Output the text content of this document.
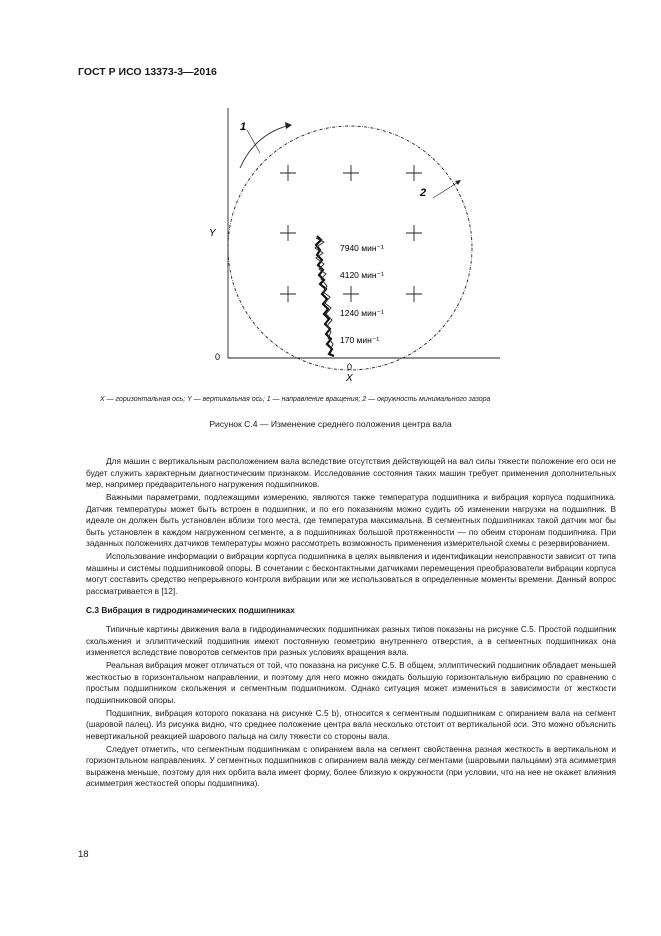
ГОСТ Р ИСО 13373-3—2016
1
2
7940 мин⁻¹
4120 мин⁻¹
1240 мин⁻¹
170 мин⁻¹
Y
0
0
X
X — горизонтальная ось; Y — вертикальная ось; 1 — направление вращения; 2 — окружность минимального зазора
Рисунок С.4 — Изменение среднего положения центра вала

Для машин с вертикальным расположением вала вследствие отсутствия действующей на вал силы тяжести положение его оси не будет служить характерным диагностическим признаком. Исследование состояния таких машин требует применения дополнительных мер, например предварительного нагружения подшипников.

Важными параметрами, подлежащими измерению, являются также температура подшипника и вибрация корпуса подшипника. Датчик температуры может быть встроен в подшипник, и по его показаниям можно судить об изменении нагрузки на подшипник. В идеале он должен быть установлен вблизи того места, где температура максимальна. В сегментных подшипниках такой датчик мог бы быть установлен в каждом нагруженном сегменте, а в подшипниках большой протяженности — по обеим сторонам подшипника. При заданных положениях датчиков температуры можно рассмотреть возможность применения измерительной схемы с резервированием.

Использование информации о вибрации корпуса подшипника в целях выявления и идентификации неисправности зависит от типа машины и системы подшипниковой опоры. В сочетании с бесконтактными датчиками перемещения преобразователи вибрации корпуса могут составить средство непрерывного контроля вибрации или же использоваться в определенные моменты времени. Данный вопрос рассматривается в [12].

С.3 Вибрация в гидродинамических подшипниках

Типичные картины движения вала в гидродинамических подшипниках разных типов показаны на рисунке С.5. Простой подшипник скольжения и эллиптический подшипник имеют постоянную геометрию внутреннего отверстия, а в сегментных подшипниках она изменяется вследствие поворотов сегментов при разных условиях вращения вала.

Реальная вибрация может отличаться от той, что показана на рисунке С.5. В общем, эллиптический подшипник обладает меньшей жесткостью в горизонтальном направлении, и поэтому для него можно ожидать большую горизонтальную вибрацию по сравнению с простым подшипником скольжения и сегментным подшипником. Однако ситуация может измениться в зависимости от жесткости подшипниковой опоры.

Подшипник, вибрация которого показана на рисунке С.5 b), относится к сегментным подшипникам с опиранием вала на сегмент (шаровой палец). Из рисунка видно, что среднее положение центра вала несколько отстоит от вертикальной оси. Это можно объяснить невертикальной реакцией шарового пальца на силу тяжести со стороны вала.

Следует отметить, что сегментным подшипникам с опиранием вала на сегмент свойственна разная жесткость в вертикальном и горизонтальном направлениях. У сегментных подшипников с опиранием вала между сегментами (шаровыми пальцами) эта асимметрия выражена меньше, поэтому для них орбита вала имеет форму, более близкую к окружности (при условии, что на нее не окажет влияния асимметрия жесткостей опоры подшипника).

18
